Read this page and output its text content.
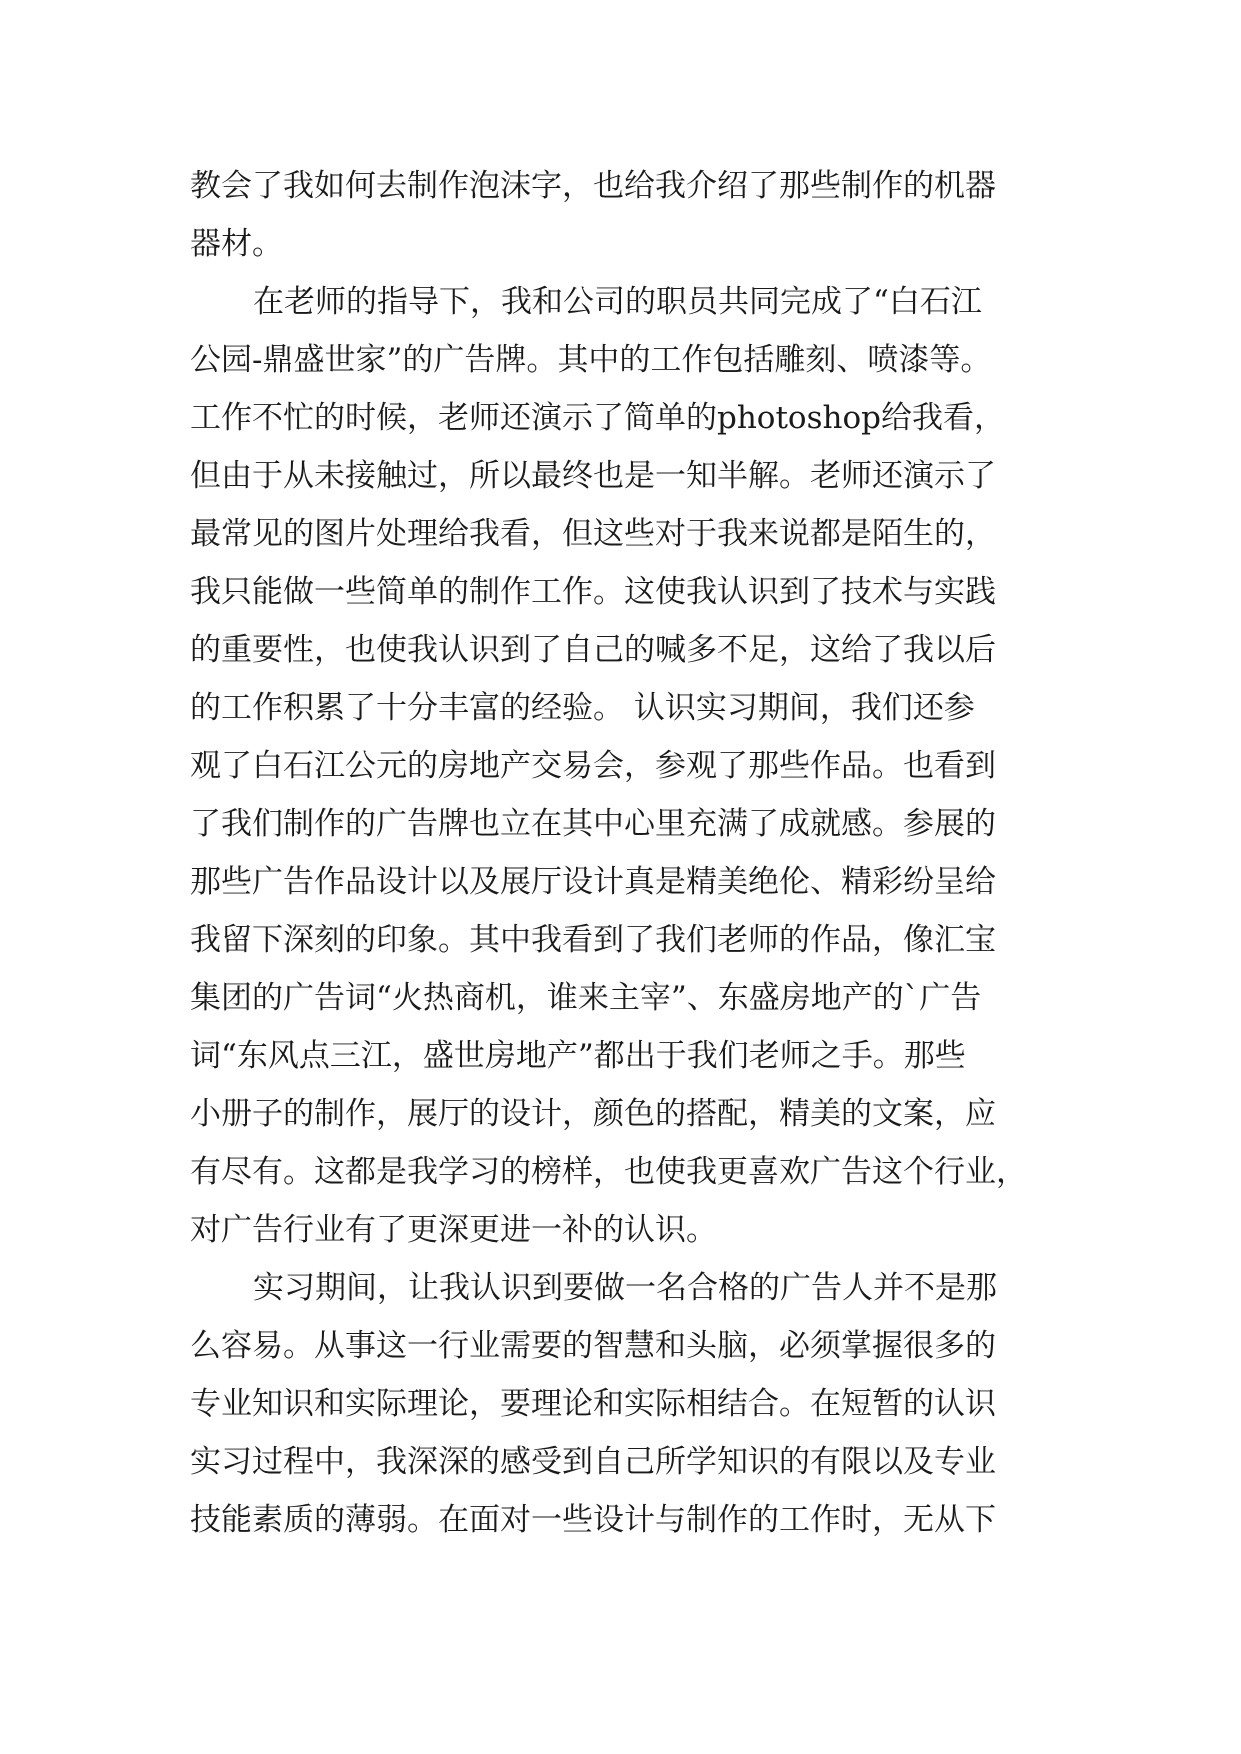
教会了我如何去制作泡沫字，也给我介绍了那些制作的机器
器材。
在老师的指导下，我和公司的职员共同完成了“白石江
公园-鼎盛世家”的广告牌。其中的工作包括雕刻、喷漆等。
工作不忙的时候，老师还演示了简单的photoshop给我看，
但由于从未接触过，所以最终也是一知半解。老师还演示了
最常见的图片处理给我看，但这些对于我来说都是陌生的，
我只能做一些简单的制作工作。这使我认识到了技术与实践
的重要性，也使我认识到了自己的喊多不足，这给了我以后
的工作积累了十分丰富的经验。 认识实习期间，我们还参
观了白石江公元的房地产交易会，参观了那些作品。也看到
了我们制作的广告牌也立在其中心里充满了成就感。参展的
那些广告作品设计以及展厅设计真是精美绝伦、精彩纷呈给
我留下深刻的印象。其中我看到了我们老师的作品，像汇宝
集团的广告词“火热商机，谁来主宰”、东盛房地产的`广告
词“东风点三江，盛世房地产”都出于我们老师之手。那些
小册子的制作，展厅的设计，颜色的搭配，精美的文案，应
有尽有。这都是我学习的榜样，也使我更喜欢广告这个行业，
对广告行业有了更深更进一补的认识。
实习期间，让我认识到要做一名合格的广告人并不是那
么容易。从事这一行业需要的智慧和头脑，必须掌握很多的
专业知识和实际理论，要理论和实际相结合。在短暂的认识
实习过程中，我深深的感受到自己所学知识的有限以及专业
技能素质的薄弱。在面对一些设计与制作的工作时，无从下
